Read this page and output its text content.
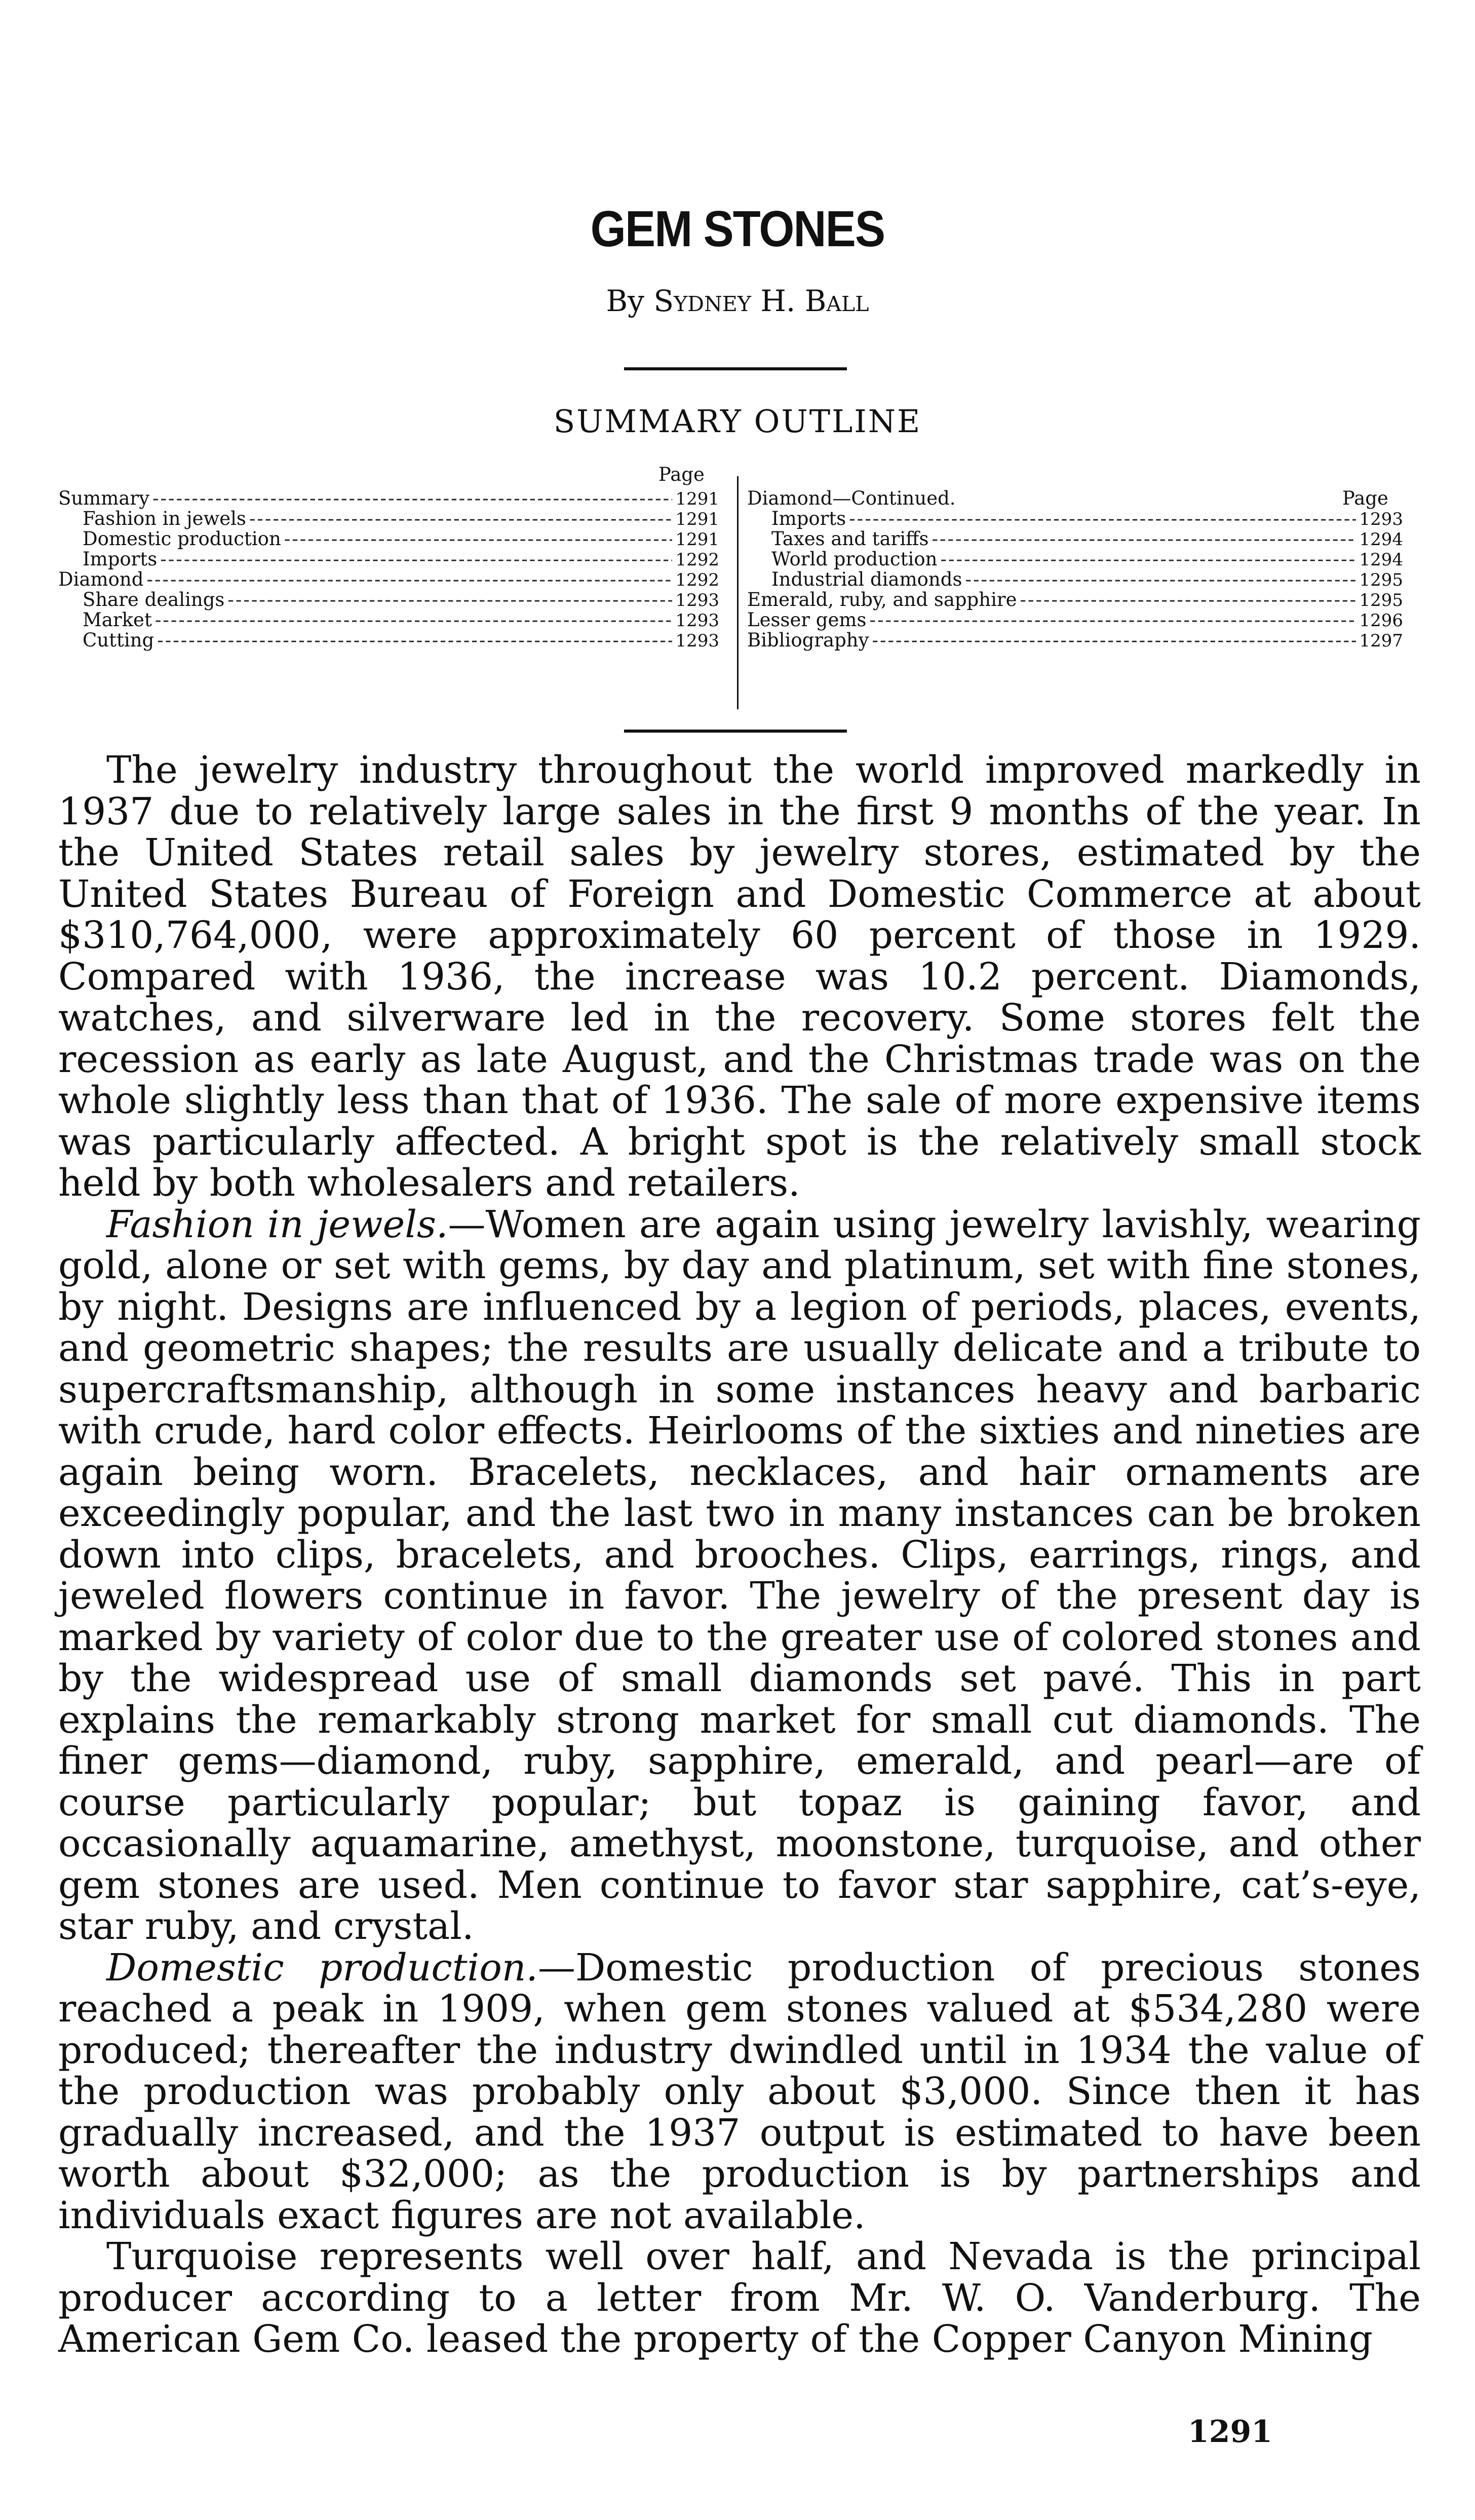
GEM STONES
By Sydney H. Ball
SUMMARY OUTLINE
Page
Diamond—Continued.	Page
Summary -----	1291
Fashion in jewels -----	1291
Domestic production -----	1291
Imports -----	1292
Diamond -----	1292
Share dealings -----	1293
Market -----	1293
Cutting -----	1293
Imports -----	1293
Taxes and tariffs -----	1294
World production -----	1294
Industrial diamonds -----	1295
Emerald, ruby, and sapphire -----	1295
Lesser gems -----	1296
Bibliography -----	1297

The jewelry industry throughout the world improved markedly in 1937 due to relatively large sales in the first 9 months of the year. In the United States retail sales by jewelry stores, estimated by the United States Bureau of Foreign and Domestic Commerce at about $310,764,000, were approximately 60 percent of those in 1929. Compared with 1936, the increase was 10.2 percent. Diamonds, watches, and silverware led in the recovery. Some stores felt the recession as early as late August, and the Christmas trade was on the whole slightly less than that of 1936. The sale of more expensive items was particularly affected. A bright spot is the relatively small stock held by both wholesalers and retailers.

Fashion in jewels.—Women are again using jewelry lavishly, wearing gold, alone or set with gems, by day and platinum, set with fine stones, by night. Designs are influenced by a legion of periods, places, events, and geometric shapes; the results are usually delicate and a tribute to supercraftsmanship, although in some instances heavy and barbaric with crude, hard color effects. Heirlooms of the sixties and nineties are again being worn. Bracelets, necklaces, and hair ornaments are exceedingly popular, and the last two in many instances can be broken down into clips, bracelets, and brooches. Clips, earrings, rings, and jeweled flowers continue in favor. The jewelry of the present day is marked by variety of color due to the greater use of colored stones and by the widespread use of small diamonds set pavé. This in part explains the remarkably strong market for small cut diamonds. The finer gems—diamond, ruby, sapphire, emerald, and pearl—are of course particularly popular; but topaz is gaining favor, and occasionally aquamarine, amethyst, moonstone, turquoise, and other gem stones are used. Men continue to favor star sapphire, cat’s-eye, star ruby, and crystal.

Domestic production.—Domestic production of precious stones reached a peak in 1909, when gem stones valued at $534,280 were produced; thereafter the industry dwindled until in 1934 the value of the production was probably only about $3,000. Since then it has gradually increased, and the 1937 output is estimated to have been worth about $32,000; as the production is by partnerships and individuals exact figures are not available.

Turquoise represents well over half, and Nevada is the principal producer according to a letter from Mr. W. O. Vanderburg. The American Gem Co. leased the property of the Copper Canyon Mining

1291
